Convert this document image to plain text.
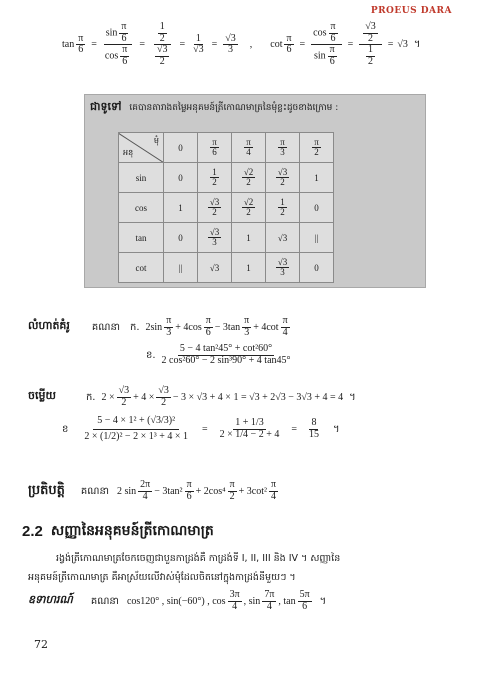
PROEUS DARA
$\tan \frac{\pi}{6} = \frac{\sin \frac{\pi}{6}}{\cos \frac{\pi}{6}} = \frac{\frac{1}{2}}{\frac{√3}{2}} = \frac{1}{√3} = \frac{√3}{3}$ , $\cot \frac{\pi}{6} = \frac{\cos \frac{\pi}{6}}{\sin \frac{\pi}{6}} = \frac{\frac{√3}{2}}{\frac{1}{2}} = √3$ ។
ជាទូទៅ គេបានតារាងតម្លៃអនុគមន៍ត្រីកោណមាត្រនៃមុំខ្លះដូចខាងក្រោម :
មុំ
អនុ	0	$\frac{\pi}{6}$	$\frac{\pi}{4}$	$\frac{\pi}{3}$	$\frac{\pi}{2}$

sin	0	$\frac{1}{2}$	$\frac{√2}{2}$	$\frac{√3}{2}$	1
cos	1	$\frac{√3}{2}$	$\frac{√2}{2}$	$\frac{1}{2}$	0
tan	0	$\frac{√3}{3}$	1	√3	||
cot	||	√3	1	$\frac{√3}{3}$	0
លំហាត់គំរូ គណនា ក. $2\sin \frac{\pi}{3} + 4\cos \frac{\pi}{6} - 3\tan \frac{\pi}{3} + 4\cot \frac{\pi}{4}$
ខ. $\frac{\text{5 − 4 tan²45° + cot²60°}}{\text{2 cos²60° − 2 sin³90° + 4 tan45°}}$
ចម្លើយ	ក. $2 \times \frac{√3}{2} + 4 \times \frac{√3}{2} - 3 \times √3 + 4 \times 1 = √3 + 2√3 - 3√3 + 4 = 4$ ។
ខ $\frac{\text{5 − 4 × 1² + (√3/3)²}}{\text{2 × (1/2)² − 2 × 1³ + 4 × 1}} = \frac{1 + 1/3}{2 \times 1/4 - 2 + 4} = \frac{8}{15}$ ។
ប្រតិបត្តិ គណនា 2 $\sin \frac{2\pi}{4} - 3\tan^2 \frac{\pi}{6} + 2\cos^4 \frac{\pi}{2} + 3\cot^2 \frac{\pi}{4}$
2.2 សញ្ញានៃអនុគមន៍ត្រីកោណមាត្រ
រង្វង់ត្រីកោណមាត្រចែកចេញជាបួនកាដ្រង់គឺ កាដ្រង់ទី I, II, III និង IV ។ សញ្ញានៃ
អនុគមន៍ត្រីកោណមាត្រ គឺអាស្រ័យលើវាស់មុំដែលចិតនៅក្នុងកាដ្រង់នីមួយៗ ។
ឧទាហរណ៍ គណនា cos120° , sin(−60°) , $\cos \frac{3\pi}{4}$ , $\sin \frac{7\pi}{4}$ , $\tan \frac{5\pi}{6}$ ។
72
